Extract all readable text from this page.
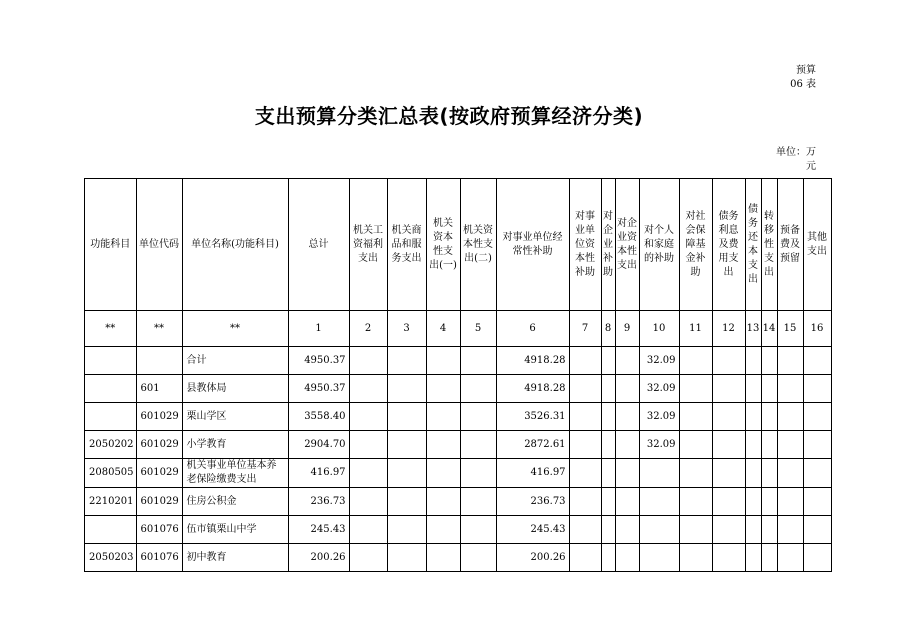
预算
06 表
支出预算分类汇总表(按政府预算经济分类)
单位：万
元
功能科目	单位代码	单位名称(功能科目)	总计	机关工资福利支出	机关商品和服务支出	机关资本性支出(一)	机关资本性支出(二)	对事业单位经常性补助	对事业单位资本性补助	对企业补助	对企业资本性支出	对个人和家庭的补助	对社会保障基金补助	债务利息及费用支出	债务还本支出	转移性支出	预备费及预留	其他支出
**	**	**	1	2	3	4	5	6	7	8	9	10	11	12	13	14	15	16
		合计	4950.37					4918.28				32.09						
	601	县教体局	4950.37					4918.28				32.09						
	601029	栗山学区	3558.40					3526.31				32.09						
2050202	601029	小学教育	2904.70					2872.61				32.09						
2080505	601029	机关事业单位基本养老保险缴费支出	416.97					416.97										
2210201	601029	住房公积金	236.73					236.73										
	601076	伍市镇栗山中学	245.43					245.43										
2050203	601076	初中教育	200.26					200.26										
